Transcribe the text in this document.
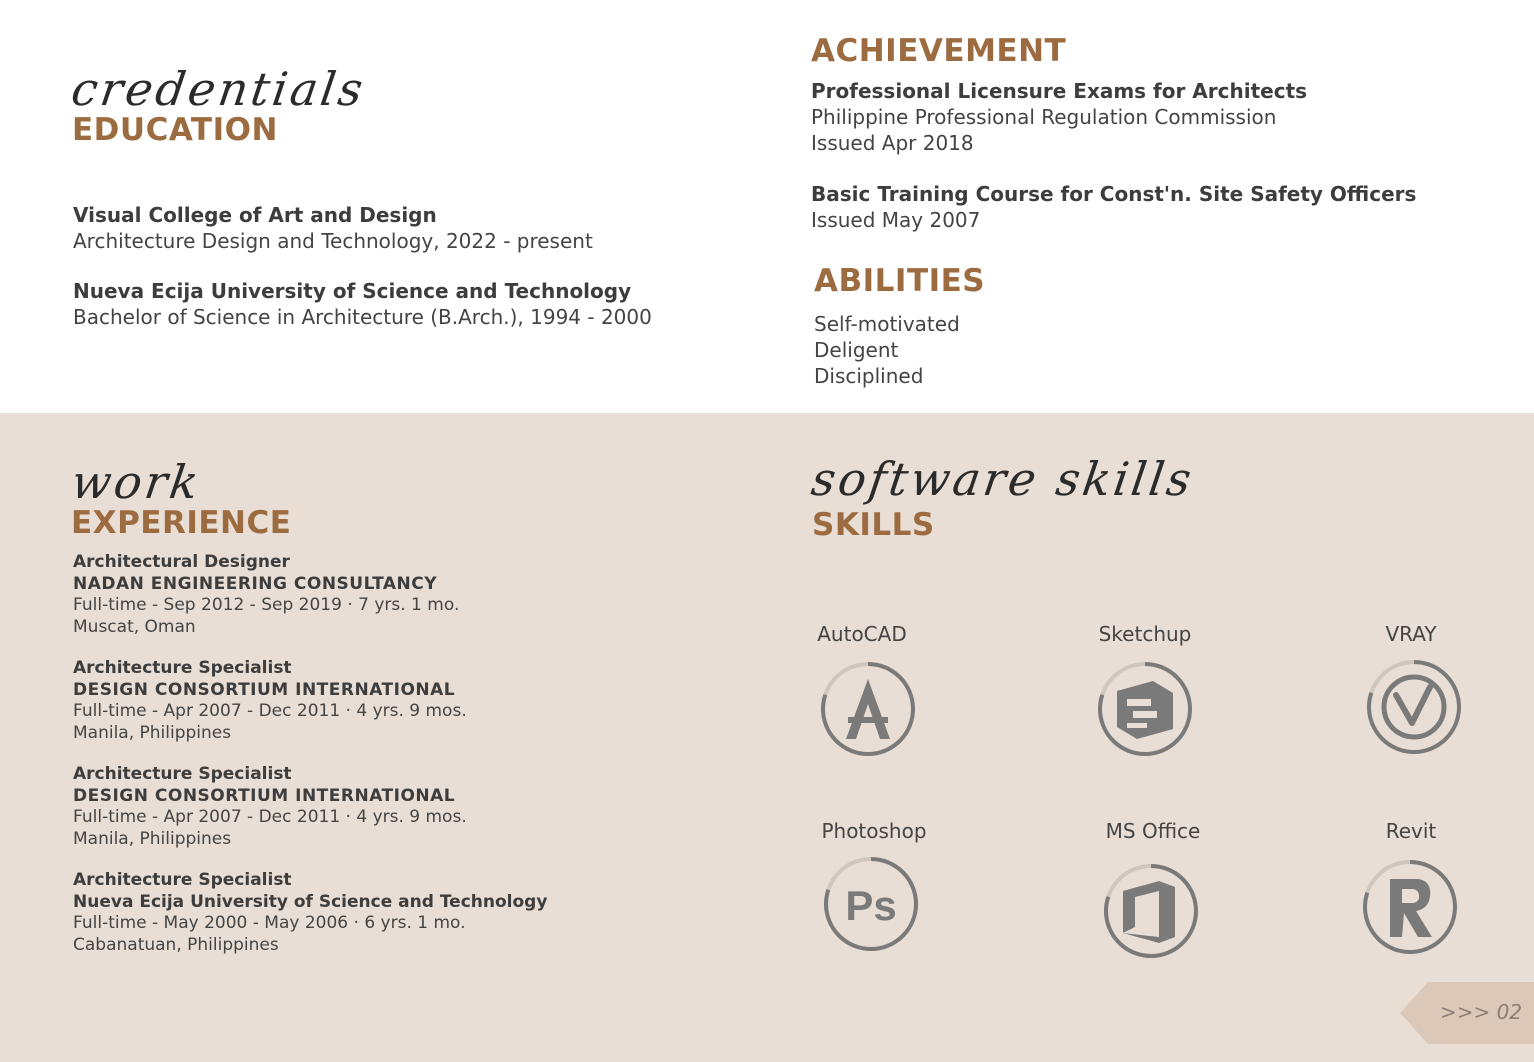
credentials
EDUCATION
Visual College of Art and Design
Architecture Design and Technology, 2022 - present
Nueva Ecija University of Science and Technology
Bachelor of Science in Architecture (B.Arch.), 1994 - 2000
ACHIEVEMENT
Professional Licensure Exams for Architects
Philippine Professional Regulation Commission
Issued Apr 2018
Basic Training Course for Const'n. Site Safety Officers
Issued May 2007
ABILITIES
Self-motivated
Deligent
Disciplined
work
EXPERIENCE
Architectural Designer
NADAN ENGINEERING CONSULTANCY
Full-time - Sep 2012 - Sep 2019 · 7 yrs. 1 mo.
Muscat, Oman
Architecture Specialist
DESIGN CONSORTIUM INTERNATIONAL
Full-time - Apr 2007 - Dec 2011 · 4 yrs. 9 mos.
Manila, Philippines
Architecture Specialist
DESIGN CONSORTIUM INTERNATIONAL
Full-time - Apr 2007 - Dec 2011 · 4 yrs. 9 mos.
Manila, Philippines
Architecture Specialist
Nueva Ecija University of Science and Technology
Full-time - May 2000 - May 2006 · 6 yrs. 1 mo.
Cabanatuan, Philippines
software skills
SKILLS
AutoCAD	Sketchup	VRAY
Photoshop	MS Office	Revit
Ps
>>> 02
